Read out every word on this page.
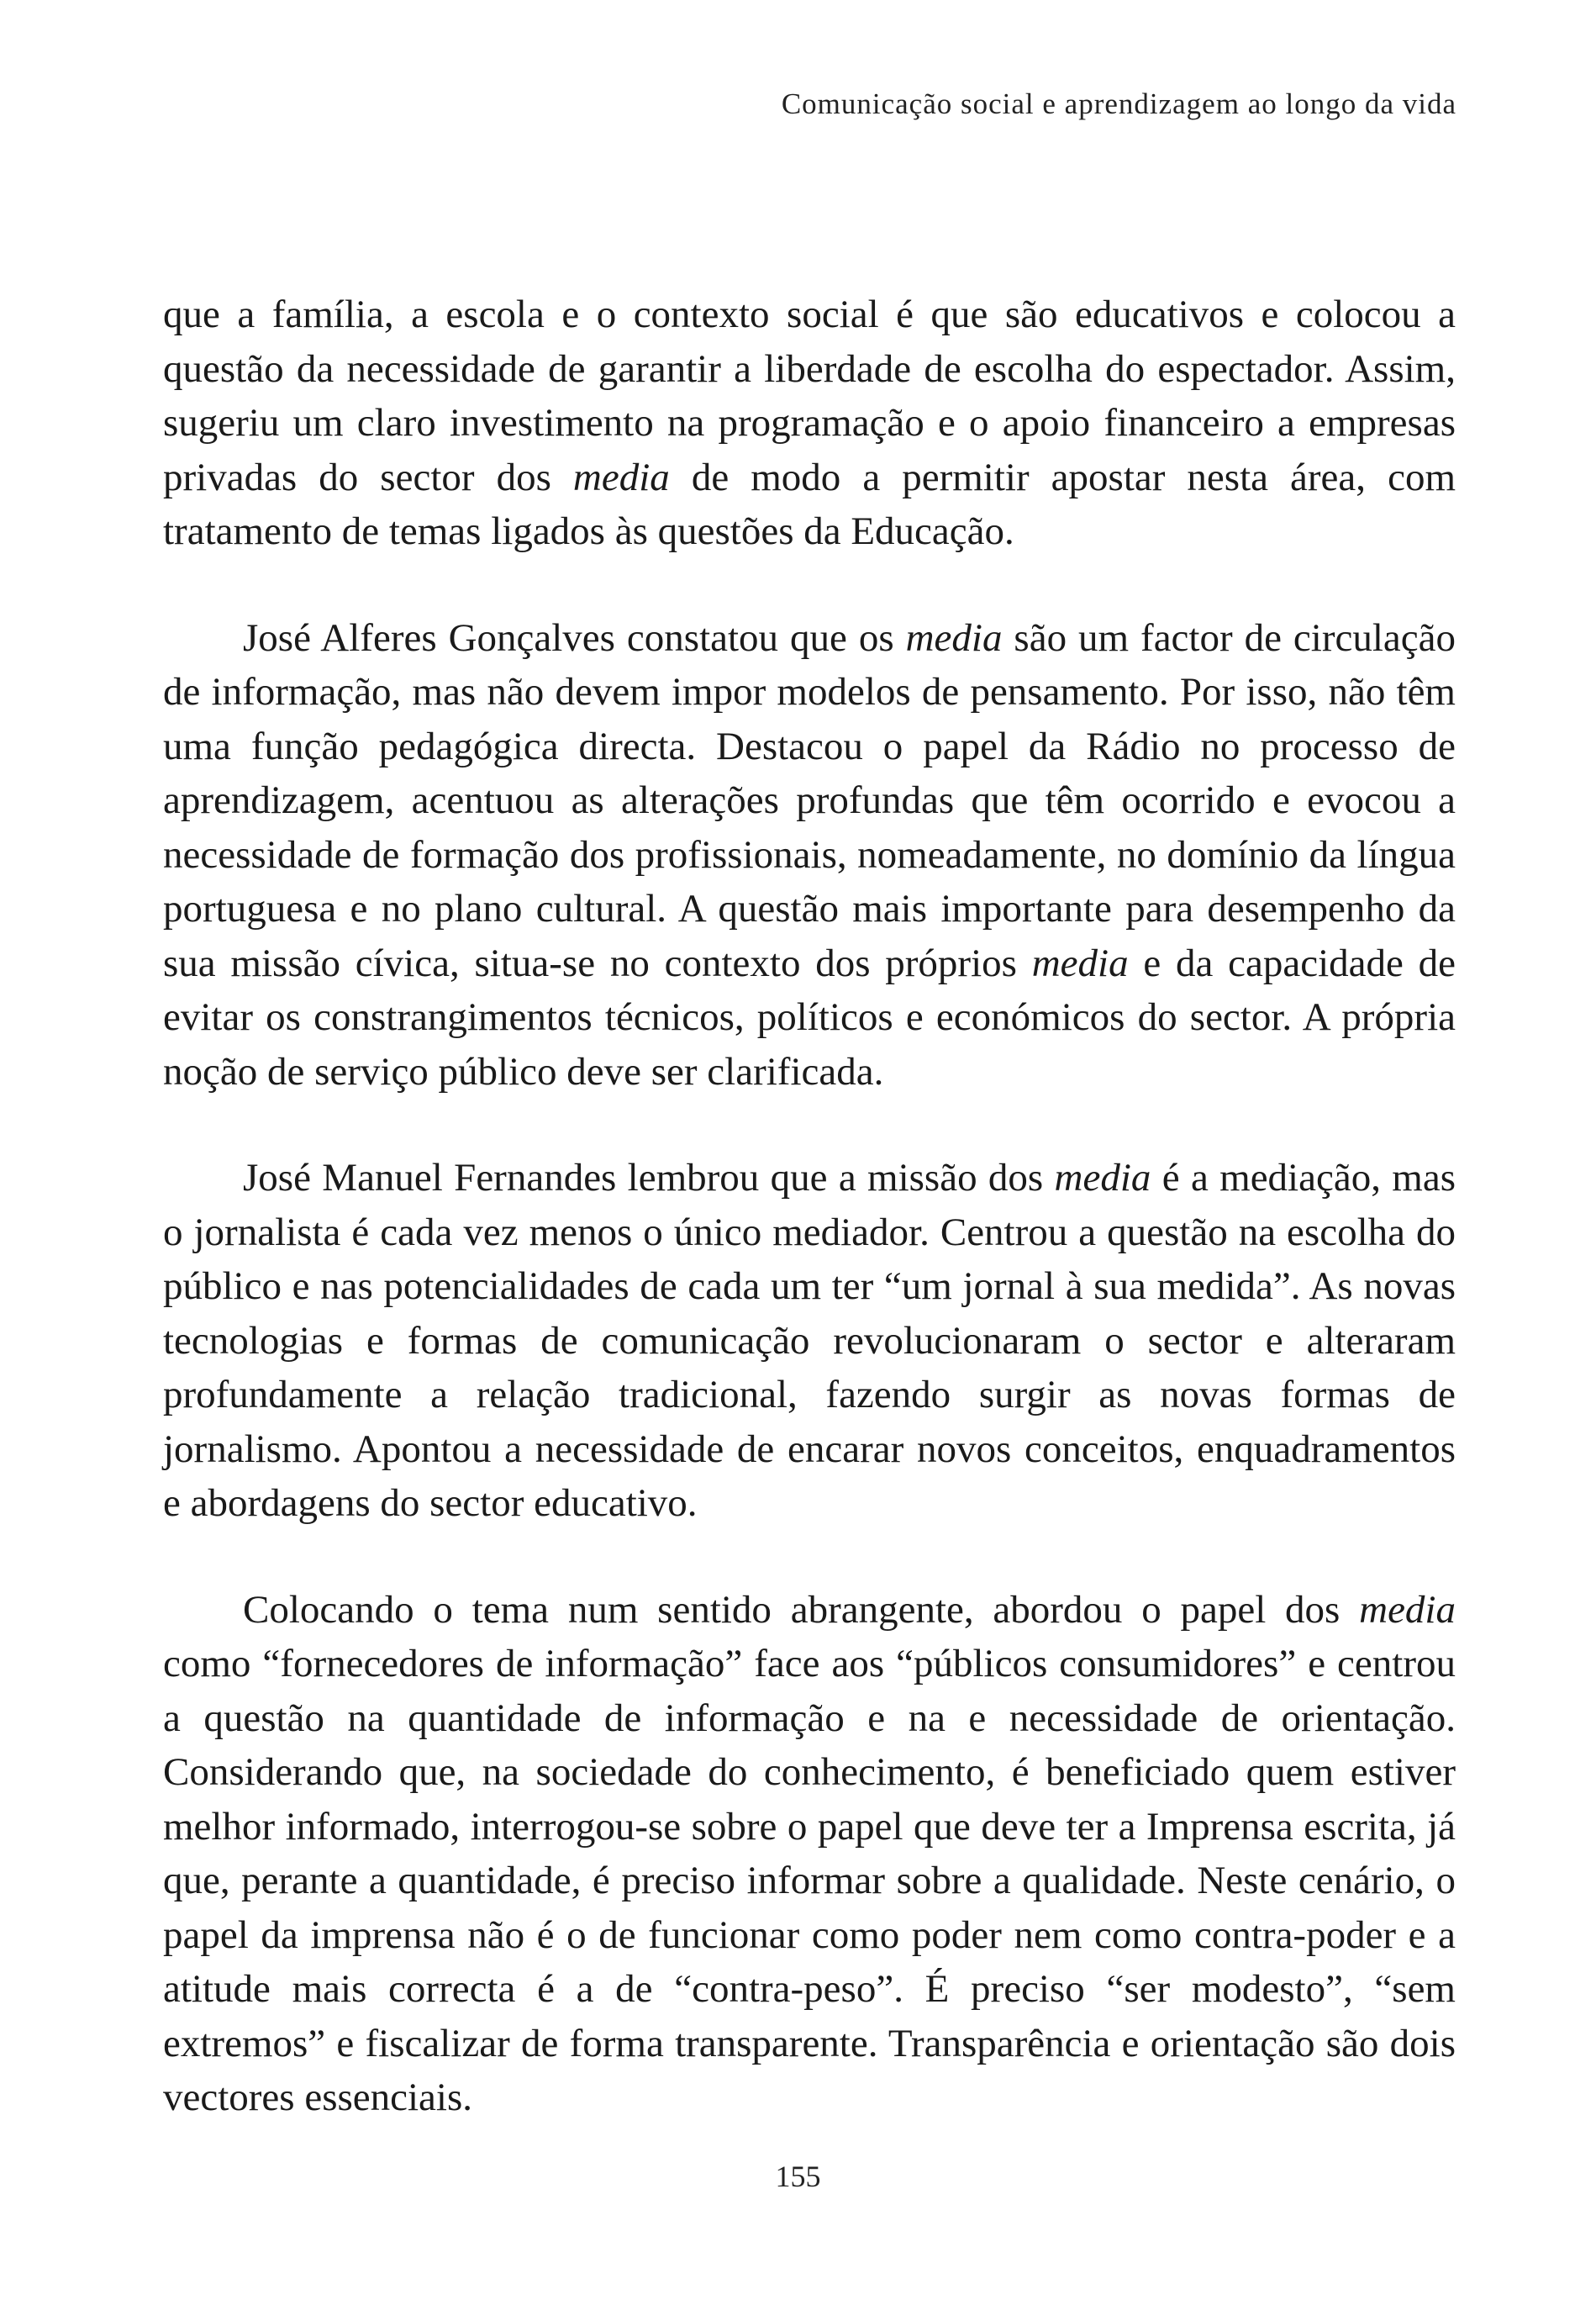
Comunicação social e aprendizagem ao longo da vida

que a família, a escola e o contexto social é que são educativos e colocou a questão da necessidade de garantir a liberdade de escolha do espectador. Assim, sugeriu um claro investimento na programação e o apoio financeiro a empresas privadas do sector dos media de modo a permitir apostar nesta área, com tratamento de temas ligados às questões da Educação.

José Alferes Gonçalves constatou que os media são um factor de circulação de informação, mas não devem impor modelos de pensamento. Por isso, não têm uma função pedagógica directa. Destacou o papel da Rádio no processo de aprendizagem, acentuou as alterações profundas que têm ocorrido e evocou a necessidade de formação dos profissionais, nomeadamente, no domínio da língua portuguesa e no plano cultural. A questão mais importante para desempenho da sua missão cívica, situa-se no contexto dos próprios media e da capacidade de evitar os constrangimentos técnicos, políticos e económicos do sector. A própria noção de serviço público deve ser clarificada.

José Manuel Fernandes lembrou que a missão dos media é a mediação, mas o jornalista é cada vez menos o único mediador. Centrou a questão na escolha do público e nas potencialidades de cada um ter “um jornal à sua medida”. As novas tecnologias e formas de comunicação revolucionaram o sector e alteraram profundamente a relação tradicional, fazendo surgir as novas formas de jornalismo. Apontou a necessidade de encarar novos conceitos, enquadramentos e abordagens do sector educativo.

Colocando o tema num sentido abrangente, abordou o papel dos media como “fornecedores de informação” face aos “públicos consumidores” e centrou a questão na quantidade de informação e na e necessidade de orientação. Considerando que, na sociedade do conhecimento, é beneficiado quem estiver melhor informado, interrogou-se sobre o papel que deve ter a Imprensa escrita, já que, perante a quantidade, é preciso informar sobre a qualidade. Neste cenário, o papel da imprensa não é o de funcionar como poder nem como contra-poder e a atitude mais correcta é a de “contra-peso”. É preciso “ser modesto”, “sem extremos” e fiscalizar de forma transparente. Transparência e orientação são dois vectores essenciais.

155
